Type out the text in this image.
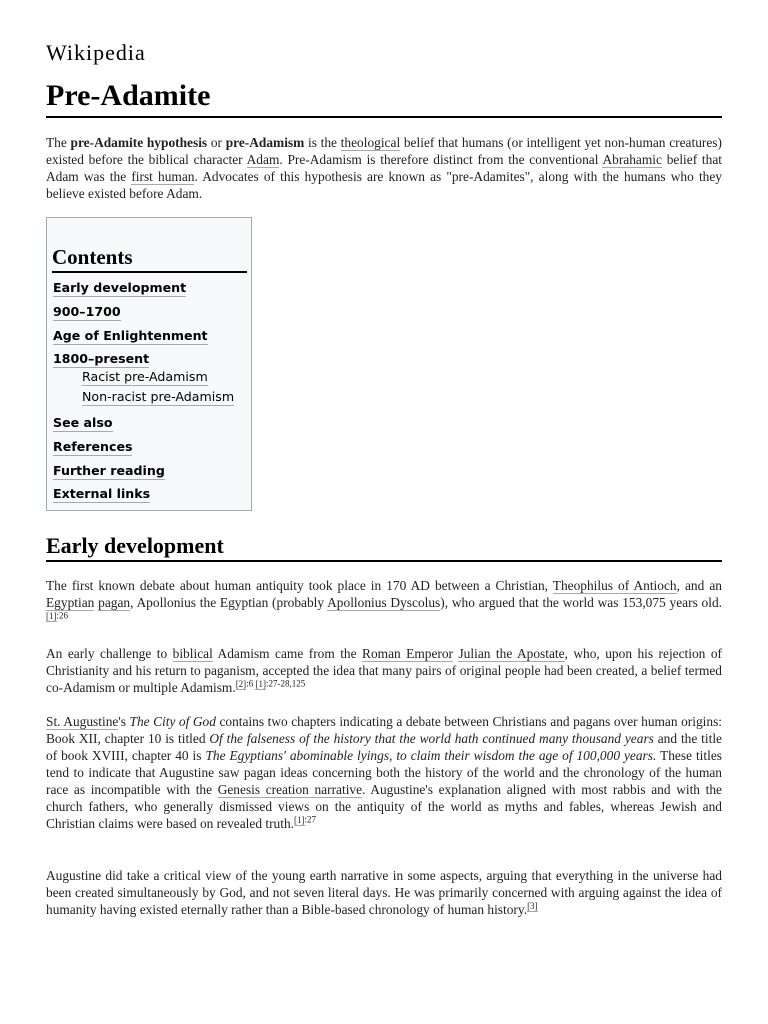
Wikipedia
Pre-Adamite

The pre-Adamite hypothesis or pre-Adamism is the theological belief that humans (or intelligent yet non-human creatures) existed before the biblical character Adam. Pre-Adamism is therefore distinct from the conventional Abrahamic belief that Adam was the first human. Advocates of this hypothesis are known as "pre-Adamites", along with the humans who they believe existed before Adam.

Contents
Early development
900–1700
Age of Enlightenment
1800–present
Racist pre-Adamism
Non-racist pre-Adamism
See also
References
Further reading
External links
Early development

The first known debate about human antiquity took place in 170 AD between a Christian, Theophilus of Antioch, and an Egyptian pagan, Apollonius the Egyptian (probably Apollonius Dyscolus), who argued that the world was 153,075 years old.$^{[1]:26}$

An early challenge to biblical Adamism came from the Roman Emperor Julian the Apostate, who, upon his rejection of Christianity and his return to paganism, accepted the idea that many pairs of original people had been created, a belief termed co-Adamism or multiple Adamism.$^{[2]:6 [1]:27-28,125}$

St. Augustine's The City of God contains two chapters indicating a debate between Christians and pagans over human origins: Book XII, chapter 10 is titled Of the falseness of the history that the world hath continued many thousand years and the title of book XVIII, chapter 40 is The Egyptians' abominable lyings, to claim their wisdom the age of 100,000 years. These titles tend to indicate that Augustine saw pagan ideas concerning both the history of the world and the chronology of the human race as incompatible with the Genesis creation narrative. Augustine's explanation aligned with most rabbis and with the church fathers, who generally dismissed views on the antiquity of the world as myths and fables, whereas Jewish and Christian claims were based on revealed truth.$^{[1]:27}$

Augustine did take a critical view of the young earth narrative in some aspects, arguing that everything in the universe had been created simultaneously by God, and not seven literal days. He was primarily concerned with arguing against the idea of humanity having existed eternally rather than a Bible-based chronology of human history.[3]
